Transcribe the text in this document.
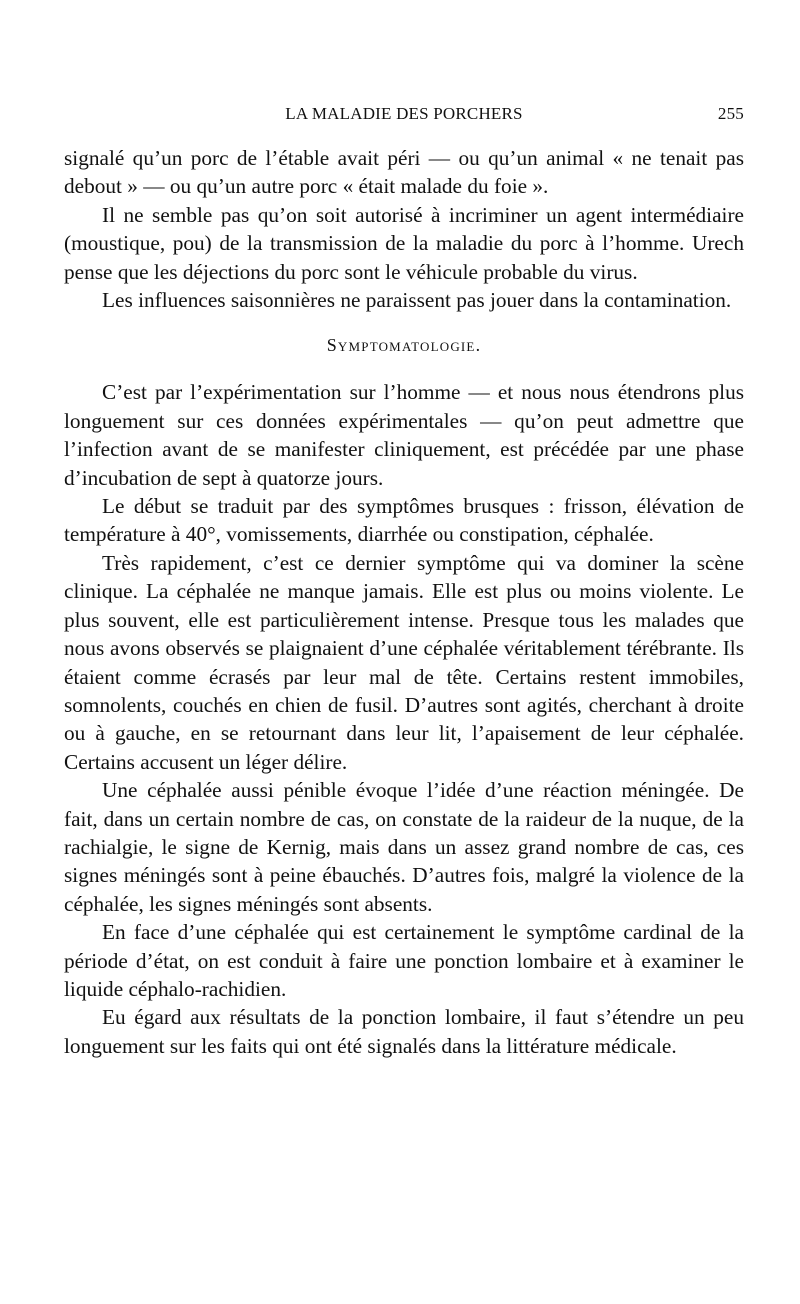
LA MALADIE DES PORCHERS	255

signalé qu’un porc de l’étable avait péri — ou qu’un animal « ne tenait pas debout » — ou qu’un autre porc « était malade du foie ».

Il ne semble pas qu’on soit autorisé à incriminer un agent intermédiaire (moustique, pou) de la transmission de la maladie du porc à l’homme. Urech pense que les déjections du porc sont le véhicule probable du virus.

Les influences saisonnières ne paraissent pas jouer dans la contamination.

Symptomatologie.

C’est par l’expérimentation sur l’homme — et nous nous étendrons plus longuement sur ces données expérimentales — qu’on peut admettre que l’infection avant de se manifester cliniquement, est précédée par une phase d’incubation de sept à quatorze jours.

Le début se traduit par des symptômes brusques : frisson, élévation de température à 40°, vomissements, diarrhée ou constipation, céphalée.

Très rapidement, c’est ce dernier symptôme qui va dominer la scène clinique. La céphalée ne manque jamais. Elle est plus ou moins violente. Le plus souvent, elle est particulièrement intense. Presque tous les malades que nous avons observés se plaignaient d’une céphalée véritablement térébrante. Ils étaient comme écrasés par leur mal de tête. Certains restent immobiles, somnolents, couchés en chien de fusil. D’autres sont agités, cherchant à droite ou à gauche, en se retournant dans leur lit, l’apaisement de leur céphalée. Certains accusent un léger délire.

Une céphalée aussi pénible évoque l’idée d’une réaction méningée. De fait, dans un certain nombre de cas, on constate de la raideur de la nuque, de la rachialgie, le signe de Kernig, mais dans un assez grand nombre de cas, ces signes méningés sont à peine ébauchés. D’autres fois, malgré la violence de la céphalée, les signes méningés sont absents.

En face d’une céphalée qui est certainement le symptôme cardinal de la période d’état, on est conduit à faire une ponction lombaire et à examiner le liquide céphalo-rachidien.

Eu égard aux résultats de la ponction lombaire, il faut s’étendre un peu longuement sur les faits qui ont été signalés dans la littérature médicale.
